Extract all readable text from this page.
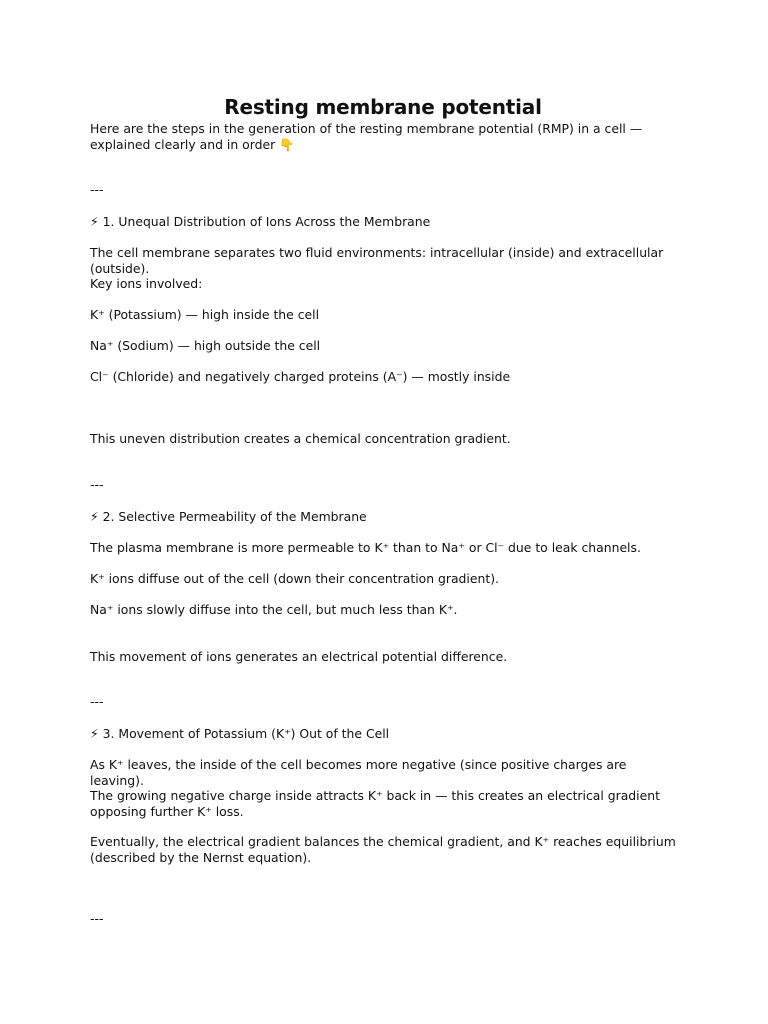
Resting membrane potential
Here are the steps in the generation of the resting membrane potential (RMP) in a cell — explained clearly and in order 👇
---
⚡ 1. Unequal Distribution of Ions Across the Membrane
The cell membrane separates two fluid environments: intracellular (inside) and extracellular (outside).
Key ions involved:
K⁺ (Potassium) — high inside the cell
Na⁺ (Sodium) — high outside the cell
Cl⁻ (Chloride) and negatively charged proteins (A⁻) — mostly inside
This uneven distribution creates a chemical concentration gradient.
---
⚡ 2. Selective Permeability of the Membrane
The plasma membrane is more permeable to K⁺ than to Na⁺ or Cl⁻ due to leak channels.
K⁺ ions diffuse out of the cell (down their concentration gradient).
Na⁺ ions slowly diffuse into the cell, but much less than K⁺.
This movement of ions generates an electrical potential difference.
---
⚡ 3. Movement of Potassium (K⁺) Out of the Cell
As K⁺ leaves, the inside of the cell becomes more negative (since positive charges are leaving).
The growing negative charge inside attracts K⁺ back in — this creates an electrical gradient opposing further K⁺ loss.
Eventually, the electrical gradient balances the chemical gradient, and K⁺ reaches equilibrium (described by the Nernst equation).
---
